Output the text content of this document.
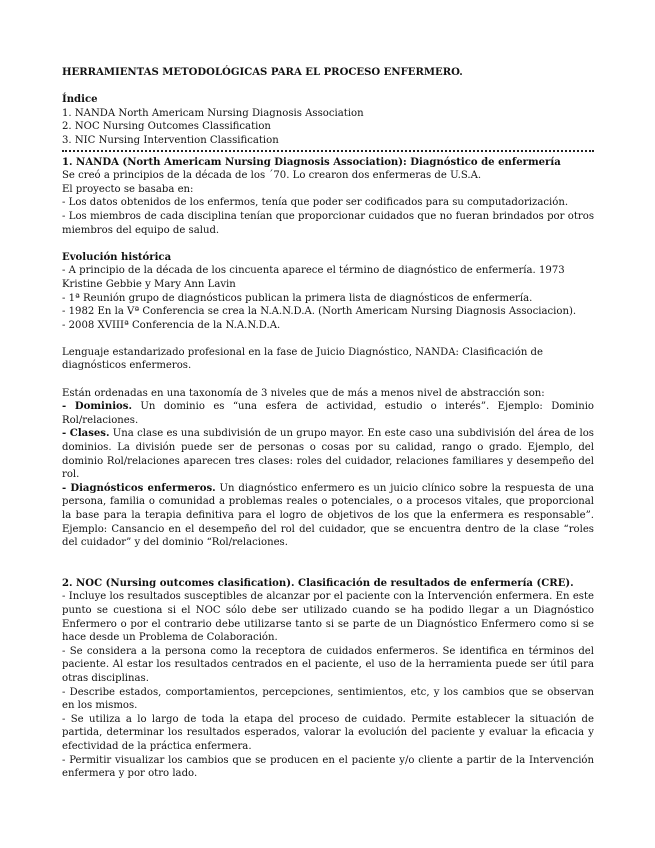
HERRAMIENTAS METODOLÓGICAS PARA EL PROCESO ENFERMERO.

Índice

1. NANDA North Americam Nursing Diagnosis Association

2. NOC Nursing Outcomes Classification

3. NIC Nursing Intervention Classification

1. NANDA (North Americam Nursing Diagnosis Association): Diagnóstico de enfermería

Se creó a principios de la década de los ´70. Lo crearon dos enfermeras de U.S.A.

El proyecto se basaba en:

- Los datos obtenidos de los enfermos, tenía que poder ser codificados para su computadorización.

- Los miembros de cada disciplina tenían que proporcionar cuidados que no fueran brindados por otros miembros del equipo de salud.

Evolución histórica

- A principio de la década de los cincuenta aparece el término de diagnóstico de enfermería. 1973 Kristine Gebbie y Mary Ann Lavin

- 1ª Reunión grupo de diagnósticos publican la primera lista de diagnósticos de enfermería.

- 1982 En la Vª Conferencia se crea la N.A.N.D.A. (North Americam Nursing Diagnosis Associacion).

- 2008 XVIIIª Conferencia de la N.A.N.D.A.

Lenguaje estandarizado profesional en la fase de Juicio Diagnóstico, NANDA: Clasificación de diagnósticos enfermeros.

Están ordenadas en una taxonomía de 3 niveles que de más a menos nivel de abstracción son:

- Dominios. Un dominio es “una esfera de actividad, estudio o interés”. Ejemplo: Dominio Rol/relaciones.

- Clases. Una clase es una subdivisión de un grupo mayor. En este caso una subdivisión del área de los dominios. La división puede ser de personas o cosas por su calidad, rango o grado. Ejemplo, del dominio Rol/relaciones aparecen tres clases: roles del cuidador, relaciones familiares y desempeño del rol.

- Diagnósticos enfermeros. Un diagnóstico enfermero es un juicio clínico sobre la respuesta de una persona, familia o comunidad a problemas reales o potenciales, o a procesos vitales, que proporcional la base para la terapia definitiva para el logro de objetivos de los que la enfermera es responsable”. Ejemplo: Cansancio en el desempeño del rol del cuidador, que se encuentra dentro de la clase “roles del cuidador” y del dominio “Rol/relaciones.

2. NOC (Nursing outcomes clasification). Clasificación de resultados de enfermería (CRE).

- Incluye los resultados susceptibles de alcanzar por el paciente con la Intervención enfermera. En este punto se cuestiona si el NOC sólo debe ser utilizado cuando se ha podido llegar a un Diagnóstico Enfermero o por el contrario debe utilizarse tanto si se parte de un Diagnóstico Enfermero como si se hace desde un Problema de Colaboración.

- Se considera a la persona como la receptora de cuidados enfermeros. Se identifica en términos del paciente. Al estar los resultados centrados en el paciente, el uso de la herramienta puede ser útil para otras disciplinas.

- Describe estados, comportamientos, percepciones, sentimientos, etc, y los cambios que se observan en los mismos.

- Se utiliza a lo largo de toda la etapa del proceso de cuidado. Permite establecer la situación de partida, determinar los resultados esperados, valorar la evolución del paciente y evaluar la eficacia y efectividad de la práctica enfermera.

- Permitir visualizar los cambios que se producen en el paciente y/o cliente a partir de la Intervención enfermera y por otro lado.
